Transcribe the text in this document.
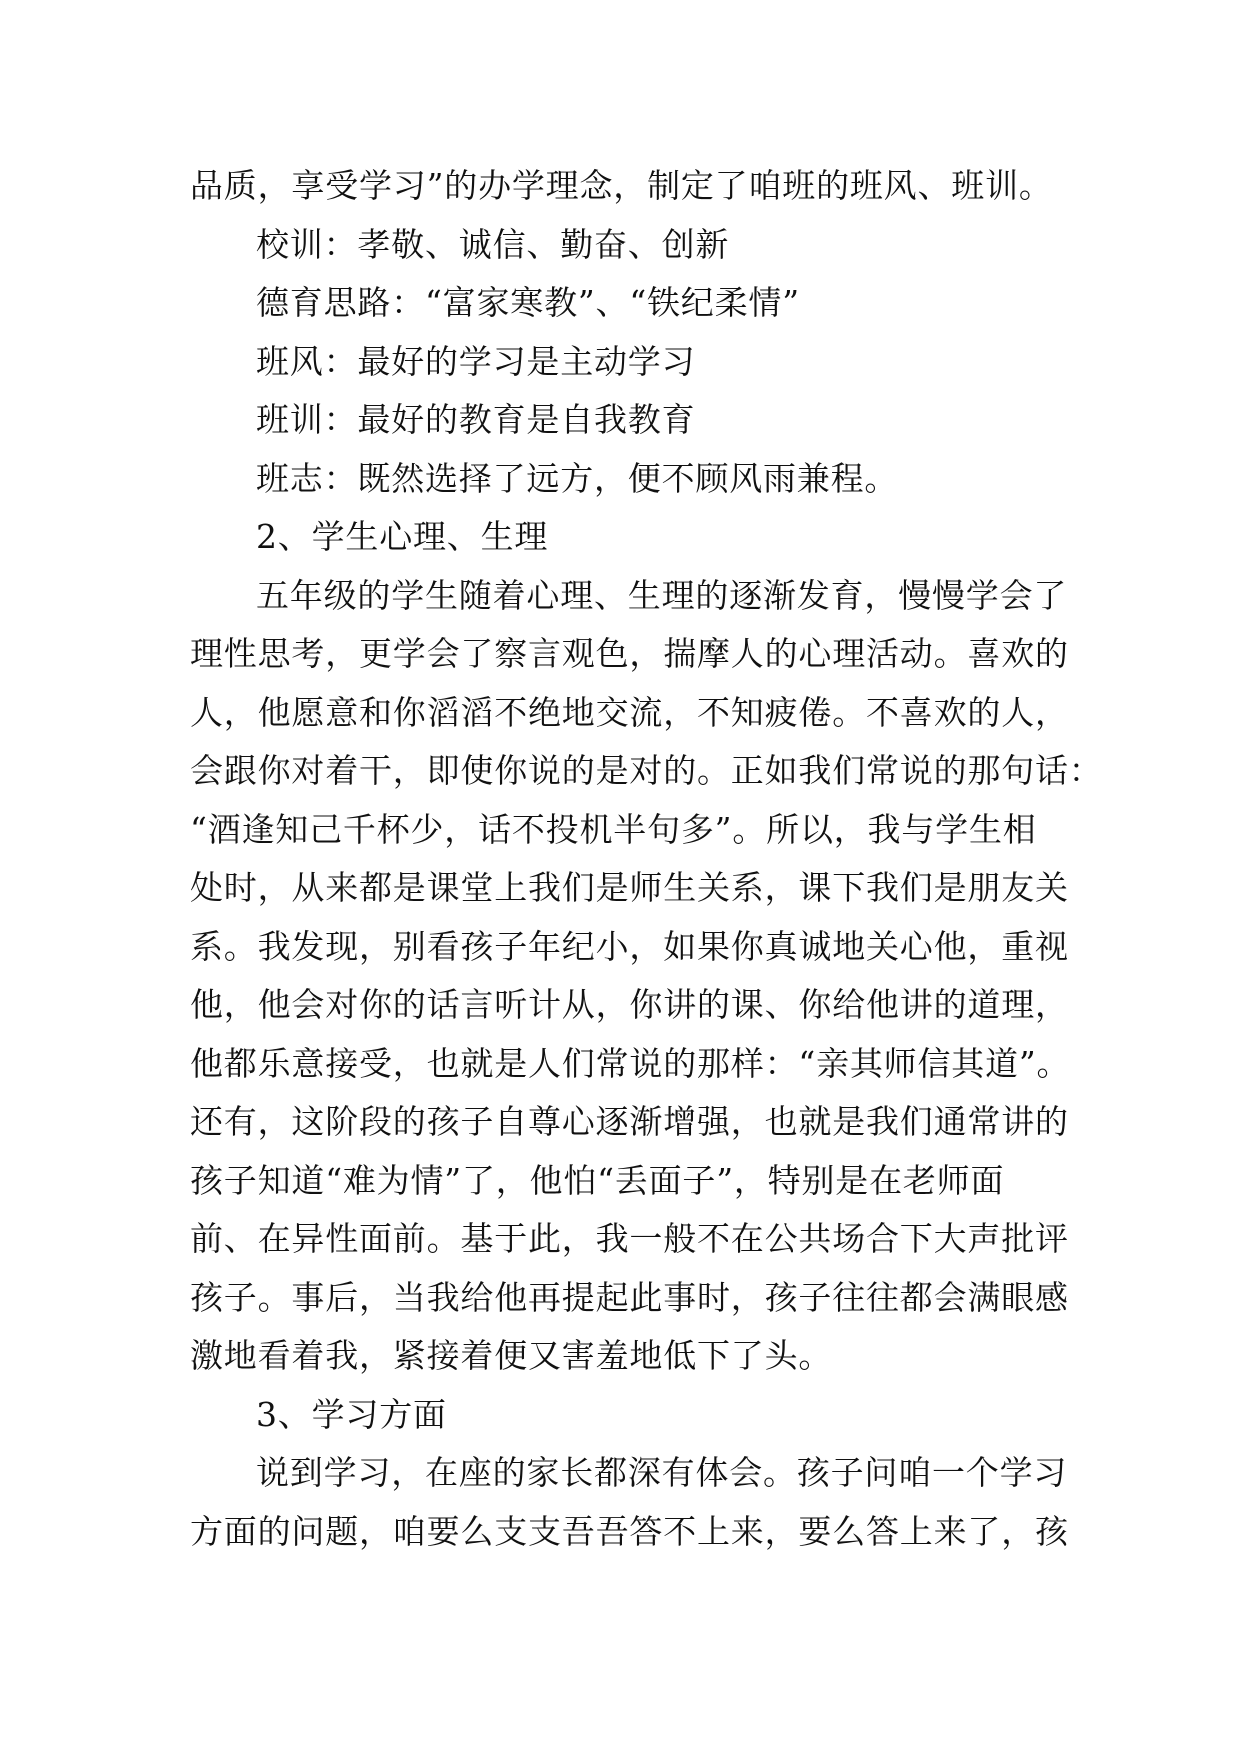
品质，享受学习”的办学理念，制定了咱班的班风、班训。
校训：孝敬、诚信、勤奋、创新
德育思路：“富家寒教”、“铁纪柔情”
班风：最好的学习是主动学习
班训：最好的教育是自我教育
班志：既然选择了远方，便不顾风雨兼程。
2、学生心理、生理
五年级的学生随着心理、生理的逐渐发育，慢慢学会了
理性思考，更学会了察言观色，揣摩人的心理活动。喜欢的
人，他愿意和你滔滔不绝地交流，不知疲倦。不喜欢的人，
会跟你对着干，即使你说的是对的。正如我们常说的那句话：
“酒逢知己千杯少，话不投机半句多”。所以，我与学生相
处时，从来都是课堂上我们是师生关系，课下我们是朋友关
系。我发现，别看孩子年纪小，如果你真诚地关心他，重视
他，他会对你的话言听计从，你讲的课、你给他讲的道理，
他都乐意接受，也就是人们常说的那样：“亲其师信其道”。
还有，这阶段的孩子自尊心逐渐增强，也就是我们通常讲的
孩子知道“难为情”了，他怕“丢面子”，特别是在老师面
前、在异性面前。基于此，我一般不在公共场合下大声批评
孩子。事后，当我给他再提起此事时，孩子往往都会满眼感
激地看着我，紧接着便又害羞地低下了头。
3、学习方面
说到学习，在座的家长都深有体会。孩子问咱一个学习
方面的问题，咱要么支支吾吾答不上来，要么答上来了，孩
